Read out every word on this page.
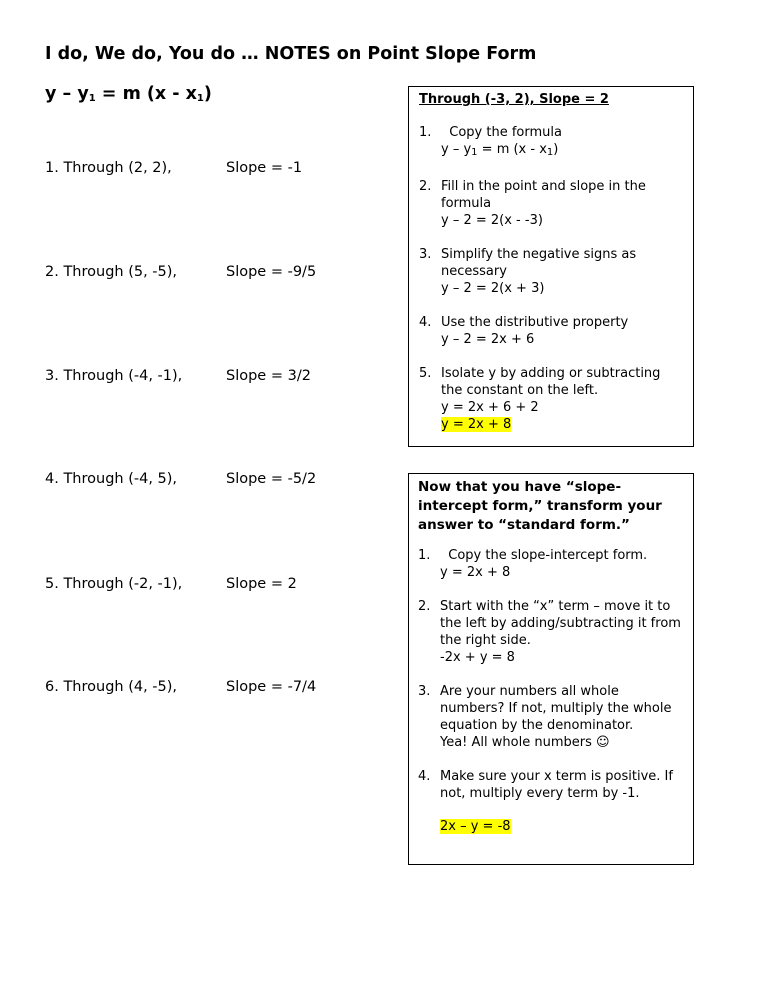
I do, We do, You do … NOTES on Point Slope Form
$y - y_1 = m$ $(x - x_1)$
1. Through (2, 2),	Slope = -1
2. Through (5, -5),	Slope = -9/5
3. Through (-4, -1),	Slope = 3/2
4. Through (-4, 5),	Slope = -5/2
5. Through (-2, -1),	Slope = 2
6. Through (4, -5),	Slope = -7/4
Through (-3, 2), Slope = 2
1. Copy the formula
$y - y_1 = m$ $(x - x_1)$
2. Fill in the point and slope in the formula
y – 2 = 2(x - -3)
3. Simplify the negative signs as necessary
y – 2 = 2(x + 3)
4. Use the distributive property
y – 2 = 2x + 6
5. Isolate y by adding or subtracting the constant on the left.
y = 2x + 6 + 2
y = 2x + 8
Now that you have “slope-intercept form,” transform your answer to “standard form.”
1. Copy the slope-intercept form.
y = 2x + 8
2. Start with the “x” term – move it to the left by adding/subtracting it from the right side.
-2x + y = 8
3. Are your numbers all whole numbers? If not, multiply the whole equation by the denominator.
Yea! All whole numbers ☺
4. Make sure your x term is positive. If not, multiply every term by -1.
2x – y = -8
